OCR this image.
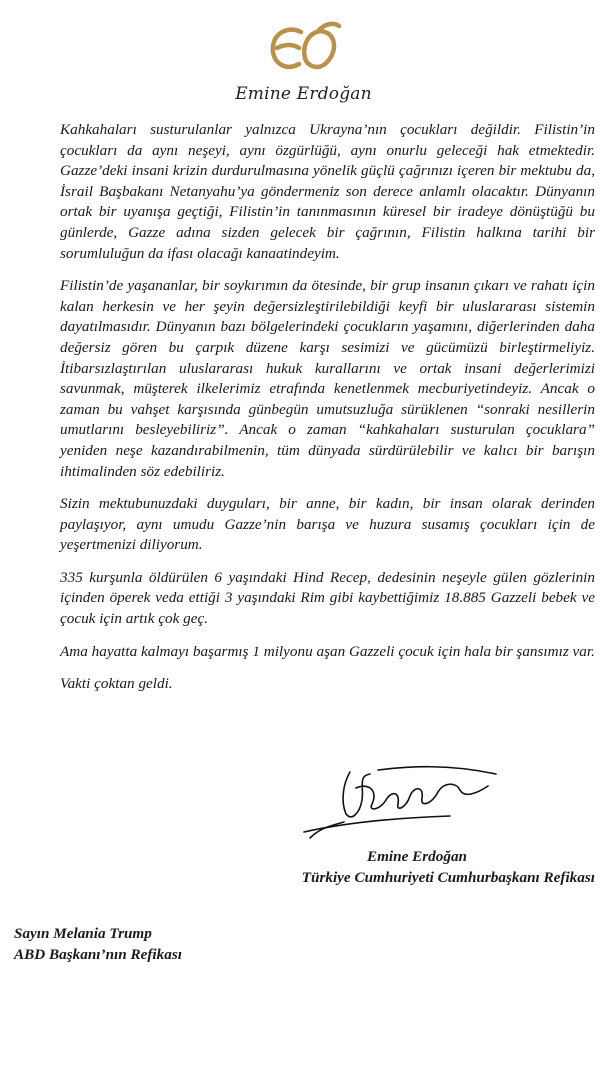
Emine Erdoğan

Kahkahaları susturulanlar yalnızca Ukrayna’nın çocukları değildir. Filistin’in çocukları da aynı neşeyi, aynı özgürlüğü, aynı onurlu geleceği hak etmektedir. Gazze’deki insani krizin durdurulmasına yönelik güçlü çağrınızı içeren bir mektubu da, İsrail Başbakanı Netanyahu’ya göndermeniz son derece anlamlı olacaktır. Dünyanın ortak bir uyanışa geçtiği, Filistin’in tanınmasının küresel bir iradeye dönüştüğü bu günlerde, Gazze adına sizden gelecek bir çağrının, Filistin halkına tarihi bir sorumluluğun da ifası olacağı kanaatindeyim.

Filistin’de yaşananlar, bir soykırımın da ötesinde, bir grup insanın çıkarı ve rahatı için kalan herkesin ve her şeyin değersizleştirilebildiği keyfi bir uluslararası sistemin dayatılmasıdır. Dünyanın bazı bölgelerindeki çocukların yaşamını, diğerlerinden daha değersiz gören bu çarpık düzene karşı sesimizi ve gücümüzü birleştirmeliyiz. İtibarsızlaştırılan uluslararası hukuk kurallarını ve ortak insani değerlerimizi savunmak, müşterek ilkelerimiz etrafında kenetlenmek mecburiyetindeyiz. Ancak o zaman bu vahşet karşısında günbegün umutsuzluğa sürüklenen “sonraki nesillerin umutlarını besleyebiliriz”. Ancak o zaman “kahkahaları susturulan çocuklara” yeniden neşe kazandırabilmenin, tüm dünyada sürdürülebilir ve kalıcı bir barışın ihtimalinden söz edebiliriz.

Sizin mektubunuzdaki duyguları, bir anne, bir kadın, bir insan olarak derinden paylaşıyor, aynı umudu Gazze’nin barışa ve huzura susamış çocukları için de yeşertmenizi diliyorum.

335 kurşunla öldürülen 6 yaşındaki Hind Recep, dedesinin neşeyle gülen gözlerinin içinden öperek veda ettiği 3 yaşındaki Rim gibi kaybettiğimiz 18.885 Gazzeli bebek ve çocuk için artık çok geç.

Ama hayatta kalmayı başarmış 1 milyonu aşan Gazzeli çocuk için hala bir şansımız var.

Vakti çoktan geldi.

Emine Erdoğan
Türkiye Cumhuriyeti Cumhurbaşkanı Refikası
Sayın Melania Trump
ABD Başkanı’nın Refikası
